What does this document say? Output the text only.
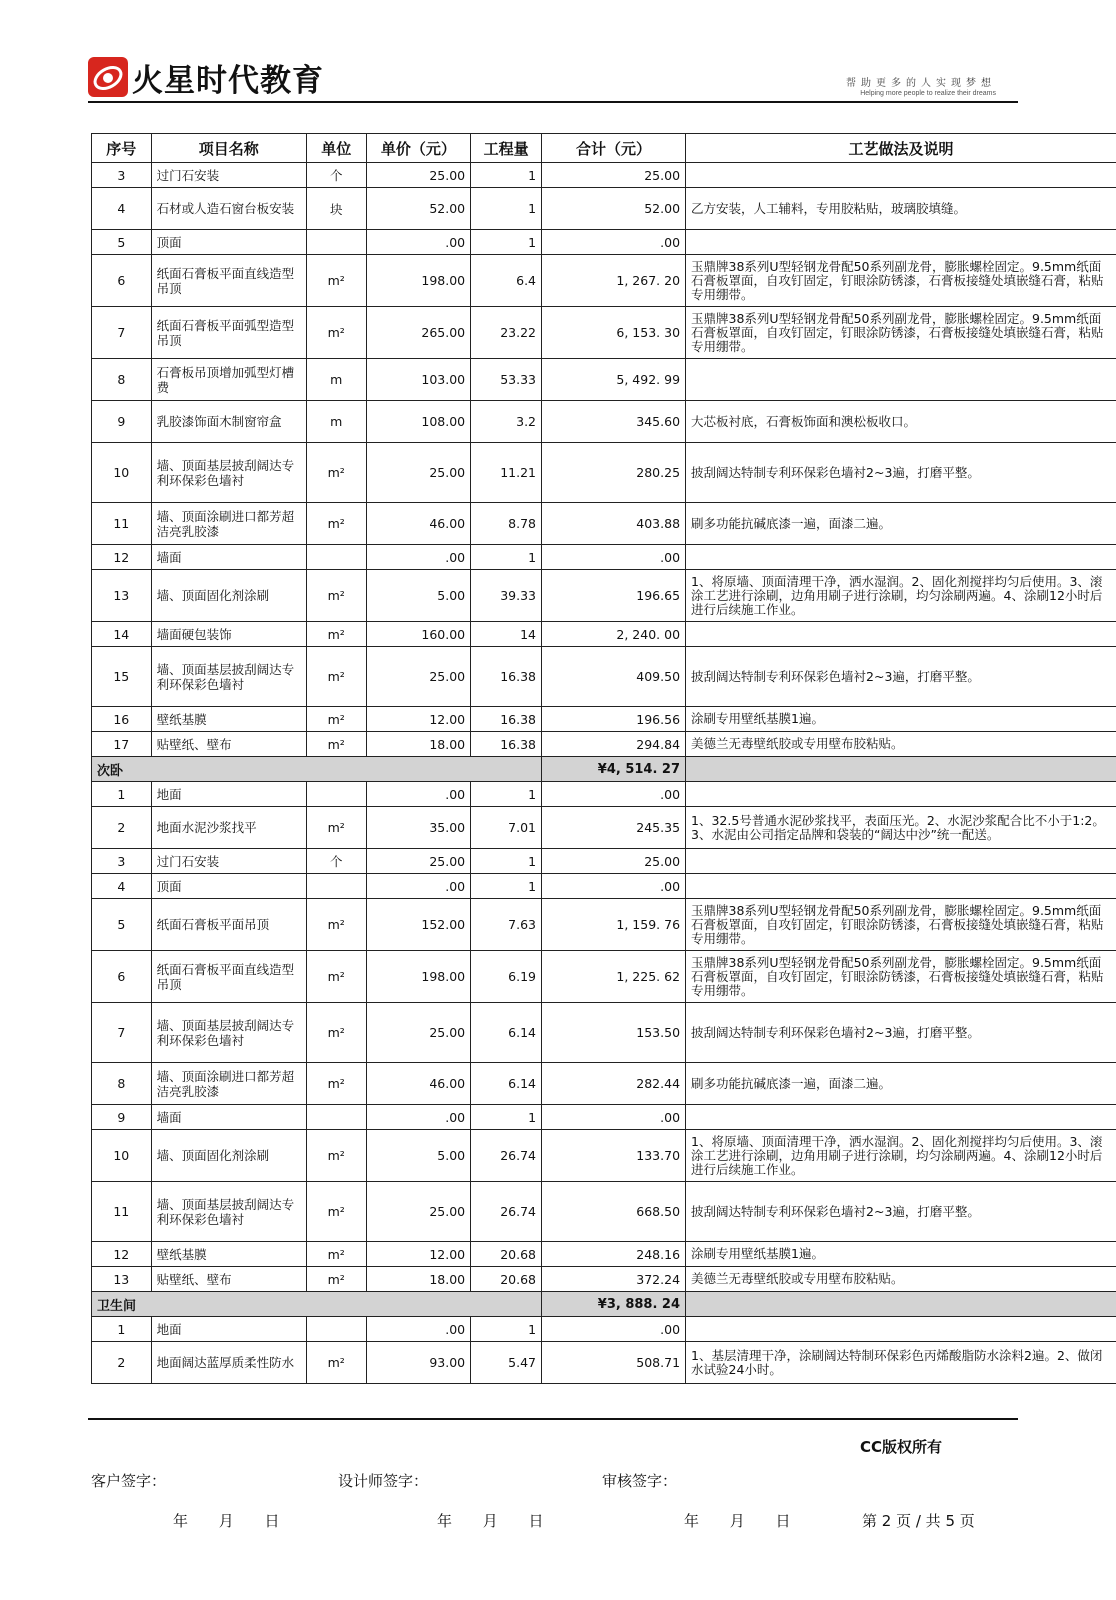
火星时代教育	帮助更多的人实现梦想
Helping more people to realize their dreams
序号	项目名称	单位	单价（元）	工程量	合计（元）	工艺做法及说明
3	过门石安装	个	25.00	1	25.00	
4	石材或人造石窗台板安装	块	52.00	1	52.00	乙方安装，人工辅料，专用胶粘贴，玻璃胶填缝。
5	顶面		.00	1	.00	
6	纸面石膏板平面直线造型吊顶	m²	198.00	6.4	1, 267. 20	玉鼎牌38系列U型轻钢龙骨配50系列副龙骨，膨胀螺栓固定。9.5mm纸面石膏板罩面，自攻钉固定，钉眼涂防锈漆，石膏板接缝处填嵌缝石膏，粘贴专用绷带。
7	纸面石膏板平面弧型造型吊顶	m²	265.00	23.22	6, 153. 30	玉鼎牌38系列U型轻钢龙骨配50系列副龙骨，膨胀螺栓固定。9.5mm纸面石膏板罩面，自攻钉固定，钉眼涂防锈漆，石膏板接缝处填嵌缝石膏，粘贴专用绷带。
8	石膏板吊顶增加弧型灯槽费	m	103.00	53.33	5, 492. 99	
9	乳胶漆饰面木制窗帘盒	m	108.00	3.2	345.60	大芯板衬底，石膏板饰面和澳松板收口。
10	墙、顶面基层披刮阔达专利环保彩色墙衬	m²	25.00	11.21	280.25	披刮阔达特制专利环保彩色墙衬2~3遍，打磨平整。
11	墙、顶面涂刷进口都芳超洁亮乳胶漆	m²	46.00	8.78	403.88	刷多功能抗碱底漆一遍，面漆二遍。
12	墙面		.00	1	.00	
13	墙、顶面固化剂涂刷	m²	5.00	39.33	196.65	1、将原墙、顶面清理干净，洒水湿润。2、固化剂搅拌均匀后使用。3、滚涂工艺进行涂刷，边角用刷子进行涂刷，均匀涂刷两遍。4、涂刷12小时后进行后续施工作业。
14	墙面硬包装饰	m²	160.00	14	2, 240. 00	
15	墙、顶面基层披刮阔达专利环保彩色墙衬	m²	25.00	16.38	409.50	披刮阔达特制专利环保彩色墙衬2~3遍，打磨平整。
16	壁纸基膜	m²	12.00	16.38	196.56	涂刷专用壁纸基膜1遍。
17	贴壁纸、壁布	m²	18.00	16.38	294.84	美德兰无毒壁纸胶或专用壁布胶粘贴。
次卧					¥4, 514. 27	
1	地面		.00	1	.00	
2	地面水泥沙浆找平	m²	35.00	7.01	245.35	1、32.5号普通水泥砂浆找平，表面压光。2、水泥沙浆配合比不小于1:2。3、水泥由公司指定品牌和袋装的“阔达中沙”统一配送。
3	过门石安装	个	25.00	1	25.00	
4	顶面		.00	1	.00	
5	纸面石膏板平面吊顶	m²	152.00	7.63	1, 159. 76	玉鼎牌38系列U型轻钢龙骨配50系列副龙骨，膨胀螺栓固定。9.5mm纸面石膏板罩面，自攻钉固定，钉眼涂防锈漆，石膏板接缝处填嵌缝石膏，粘贴专用绷带。
6	纸面石膏板平面直线造型吊顶	m²	198.00	6.19	1, 225. 62	玉鼎牌38系列U型轻钢龙骨配50系列副龙骨，膨胀螺栓固定。9.5mm纸面石膏板罩面，自攻钉固定，钉眼涂防锈漆，石膏板接缝处填嵌缝石膏，粘贴专用绷带。
7	墙、顶面基层披刮阔达专利环保彩色墙衬	m²	25.00	6.14	153.50	披刮阔达特制专利环保彩色墙衬2~3遍，打磨平整。
8	墙、顶面涂刷进口都芳超洁亮乳胶漆	m²	46.00	6.14	282.44	刷多功能抗碱底漆一遍，面漆二遍。
9	墙面		.00	1	.00	
10	墙、顶面固化剂涂刷	m²	5.00	26.74	133.70	1、将原墙、顶面清理干净，洒水湿润。2、固化剂搅拌均匀后使用。3、滚涂工艺进行涂刷，边角用刷子进行涂刷，均匀涂刷两遍。4、涂刷12小时后进行后续施工作业。
11	墙、顶面基层披刮阔达专利环保彩色墙衬	m²	25.00	26.74	668.50	披刮阔达特制专利环保彩色墙衬2~3遍，打磨平整。
12	壁纸基膜	m²	12.00	20.68	248.16	涂刷专用壁纸基膜1遍。
13	贴壁纸、壁布	m²	18.00	20.68	372.24	美德兰无毒壁纸胶或专用壁布胶粘贴。
卫生间					¥3, 888. 24	
1	地面		.00	1	.00	
2	地面阔达蓝厚质柔性防水	m²	93.00	5.47	508.71	1、基层清理干净，涂刷阔达特制环保彩色丙烯酸脂防水涂料2遍。2、做闭水试验24小时。
CC版权所有
客户签字：	设计师签字：	审核签字：
年 月 日	年 月 日	年 月 日	第 2 页 / 共 5 页
